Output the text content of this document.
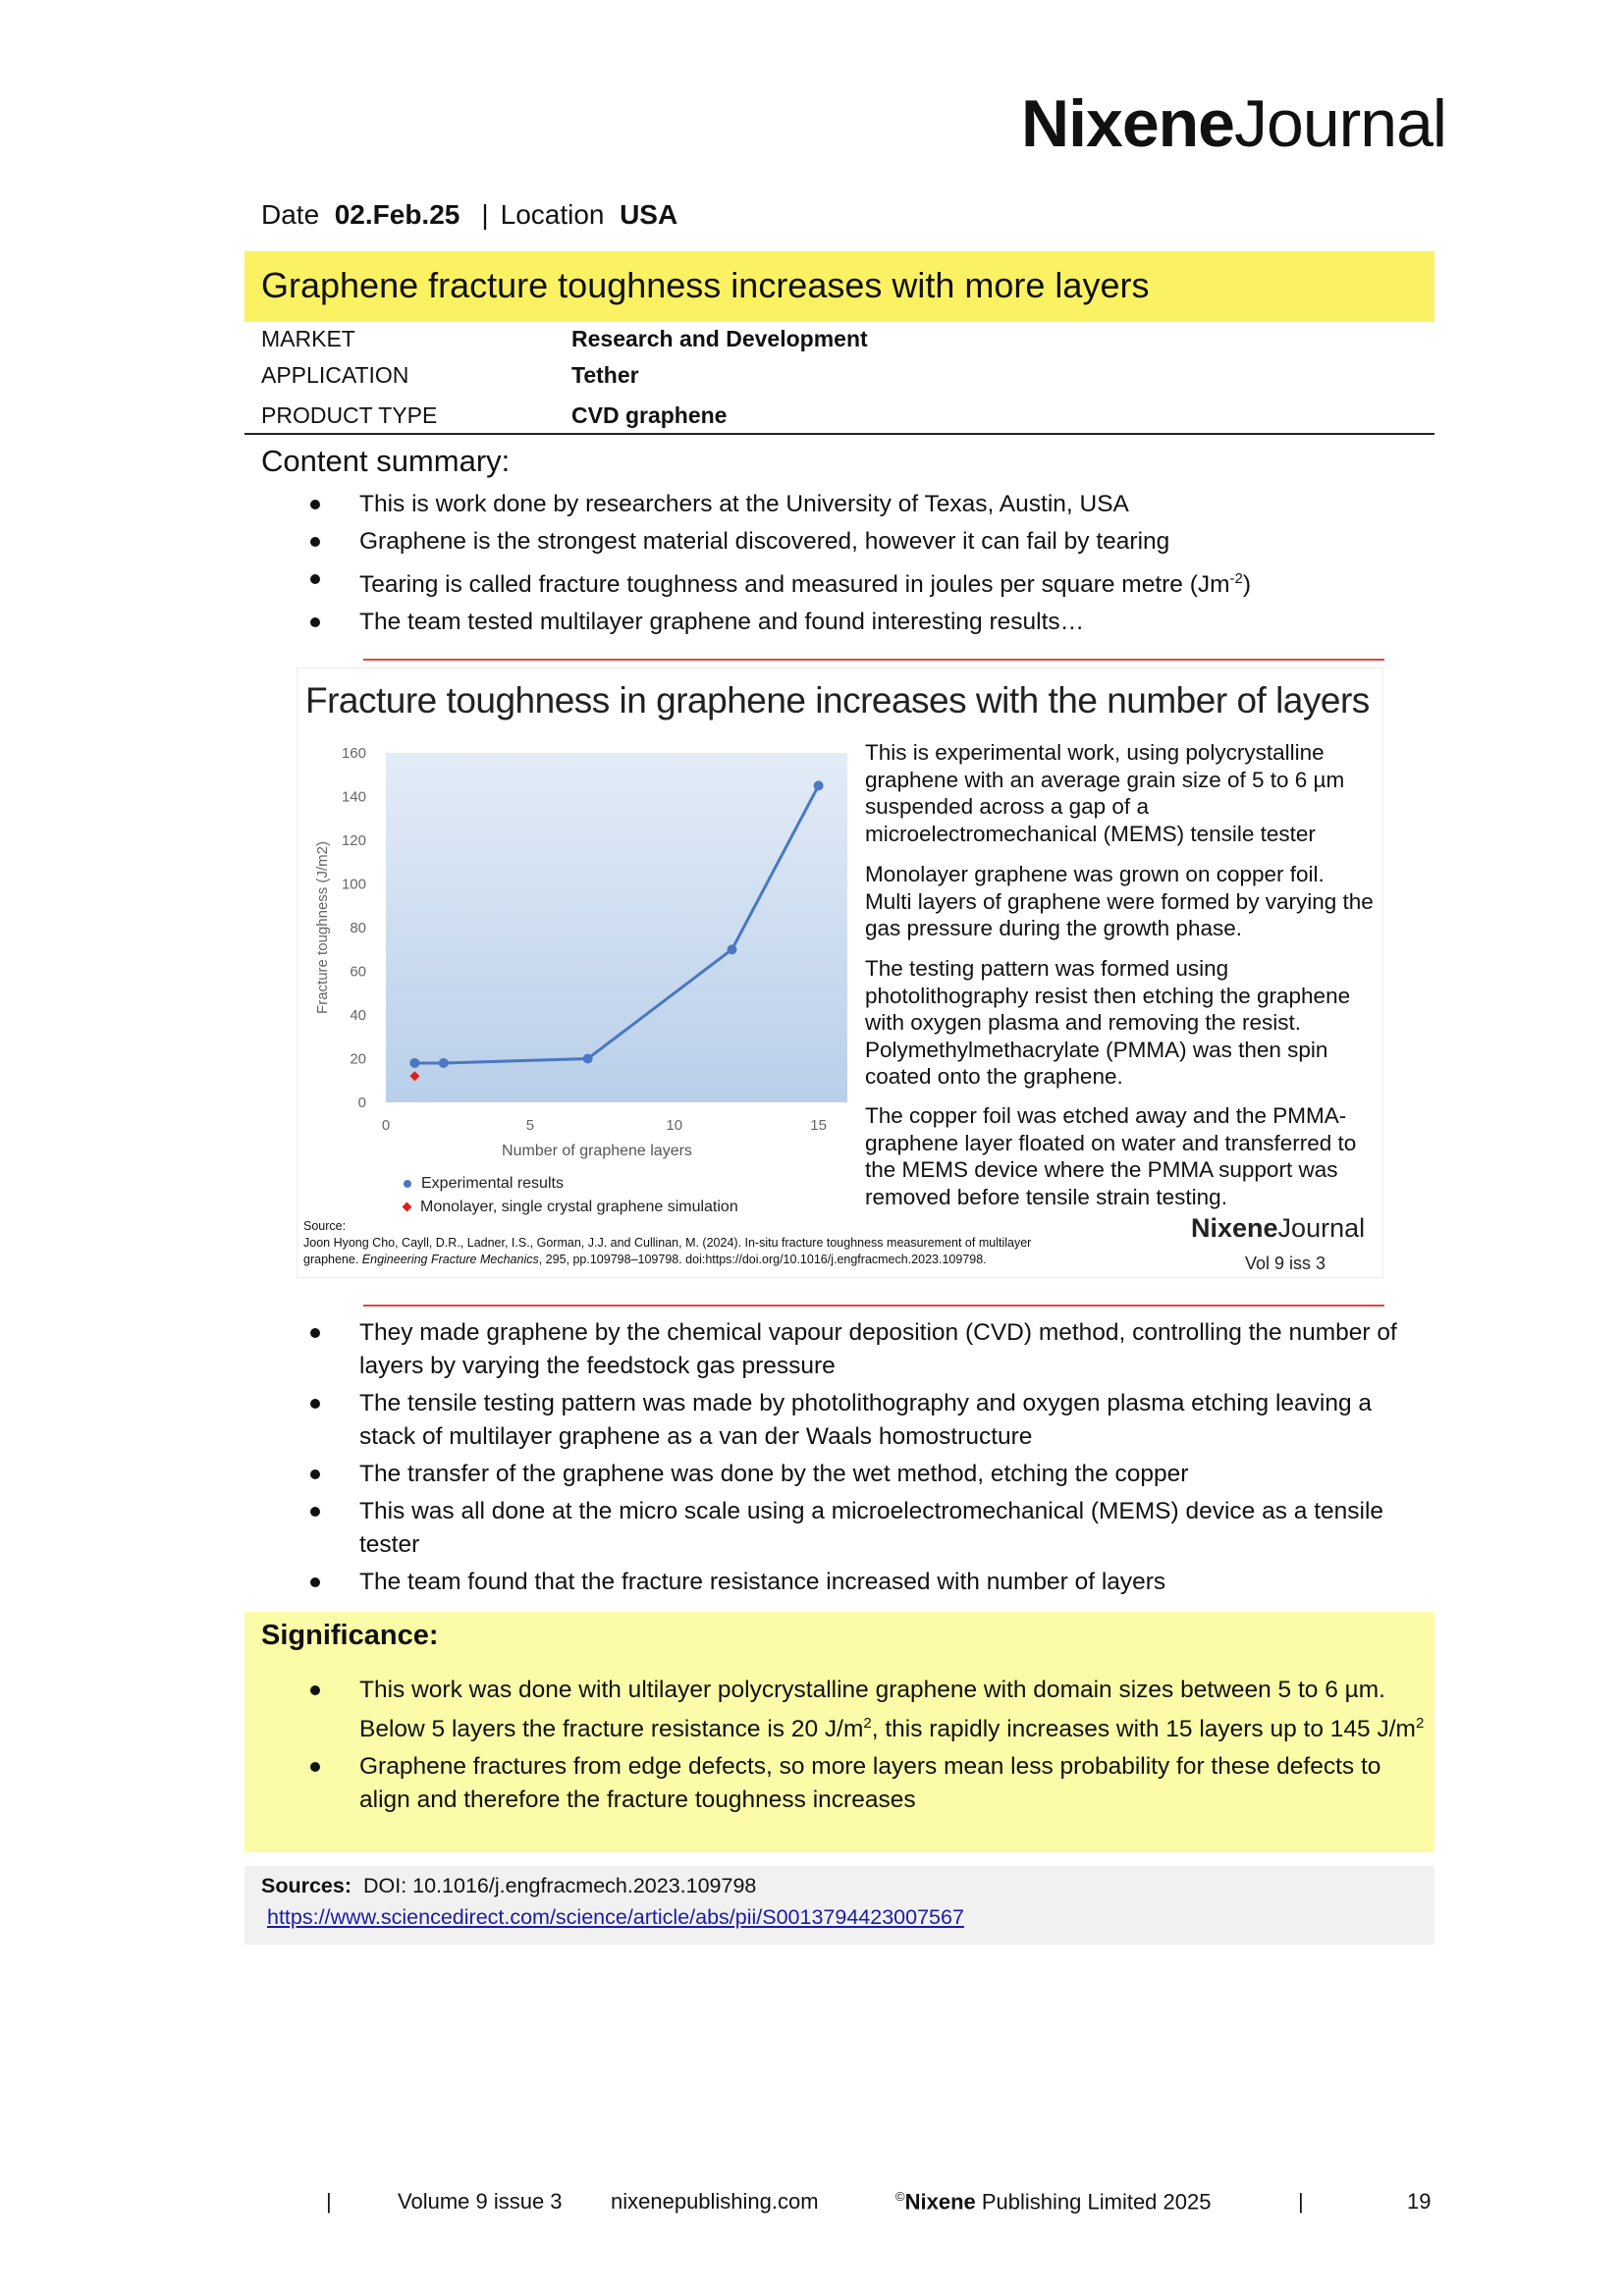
NixeneJournal
Date 02.Feb.25 | Location USA
Graphene fracture toughness increases with more layers
MARKET	Research and Development
APPLICATION	Tether
PRODUCT TYPE	CVD graphene
Content summary:
This is work done by researchers at the University of Texas, Austin, USA
Graphene is the strongest material discovered, however it can fail by tearing
Tearing is called fracture toughness and measured in joules per square metre $(Jm^{-2})$
The team tested multilayer graphene and found interesting results…
Fracture toughness in graphene increases with the number of layers
0
20
40
60
80
100
120
140
160
0	5	10	15
Number of graphene layers
Fracture toughness (J/m2)
Experimental results
Monolayer, single crystal graphene simulation
This is experimental work, using polycrystalline graphene with an average grain size of 5 to 6 µm suspended across a gap of a microelectromechanical (MEMS) tensile tester
Monolayer graphene was grown on copper foil. Multi layers of graphene were formed by varying the gas pressure during the growth phase.
The testing pattern was formed using photolithography resist then etching the graphene with oxygen plasma and removing the resist. Polymethylmethacrylate (PMMA) was then spin coated onto the graphene.
The copper foil was etched away and the PMMA-graphene layer floated on water and transferred to the MEMS device where the PMMA support was removed before tensile strain testing.
Source:
Joon Hyong Cho, Cayll, D.R., Ladner, I.S., Gorman, J.J. and Cullinan, M. (2024). In-situ fracture toughness measurement of multilayer
graphene. Engineering Fracture Mechanics, 295, pp.109798–109798. doi:https://doi.org/10.1016/j.engfracmech.2023.109798.
NixeneJournal
Vol 9 iss 3
They made graphene by the chemical vapour deposition (CVD) method, controlling the number of layers by varying the feedstock gas pressure
The tensile testing pattern was made by photolithography and oxygen plasma etching leaving a stack of multilayer graphene as a van der Waals homostructure
The transfer of the graphene was done by the wet method, etching the copper
This was all done at the micro scale using a microelectromechanical (MEMS) device as a tensile tester
The team found that the fracture resistance increased with number of layers
Significance:
This work was done with ultilayer polycrystalline graphene with domain sizes between 5 to 6 µm. Below 5 layers the fracture resistance is 20 $J/m^2$, this rapidly increases with 15 layers up to 145 $J/m^2$
Graphene fractures from edge defects, so more layers mean less probability for these defects to align and therefore the fracture toughness increases
Sources: DOI: 10.1016/j.engfracmech.2023.109798
https://www.sciencedirect.com/science/article/abs/pii/S0013794423007567
|	Volume 9 issue 3 nixenepublishing.com	©Nixene Publishing Limited 2025	|	19
